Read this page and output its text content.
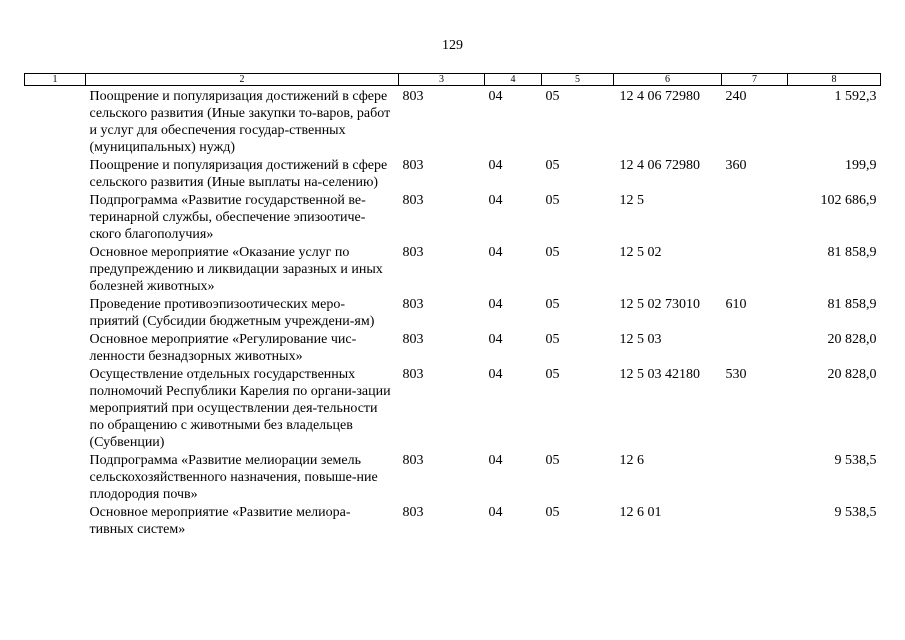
129
1	2	3	4	5	6	7	8
	Поощрение и популяризация достижений в сфере сельского развития (Иные закупки то-варов, работ и услуг для обеспечения государ-ственных (муниципальных) нужд)	803	04	05	12 4 06 72980	240	1 592,3
	Поощрение и популяризация достижений в сфере сельского развития (Иные выплаты на-селению)	803	04	05	12 4 06 72980	360	199,9
	Подпрограмма «Развитие государственной ве-теринарной службы, обеспечение эпизоотиче-ского благополучия»	803	04	05	12 5		102 686,9
	Основное мероприятие «Оказание услуг по предупреждению и ликвидации заразных и иных болезней животных»	803	04	05	12 5 02		81 858,9
	Проведение противоэпизоотических меро-приятий (Субсидии бюджетным учреждени-ям)	803	04	05	12 5 02 73010	610	81 858,9
	Основное мероприятие «Регулирование чис-ленности безнадзорных животных»	803	04	05	12 5 03		20 828,0
	Осуществление отдельных государственных полномочий Республики Карелия по органи-зации мероприятий при осуществлении дея-тельности по обращению с животными без владельцев (Субвенции)	803	04	05	12 5 03 42180	530	20 828,0
	Подпрограмма «Развитие мелиорации земель сельскохозяйственного назначения, повыше-ние плодородия почв»	803	04	05	12 6		9 538,5
	Основное мероприятие «Развитие мелиора-тивных систем»	803	04	05	12 6 01		9 538,5
